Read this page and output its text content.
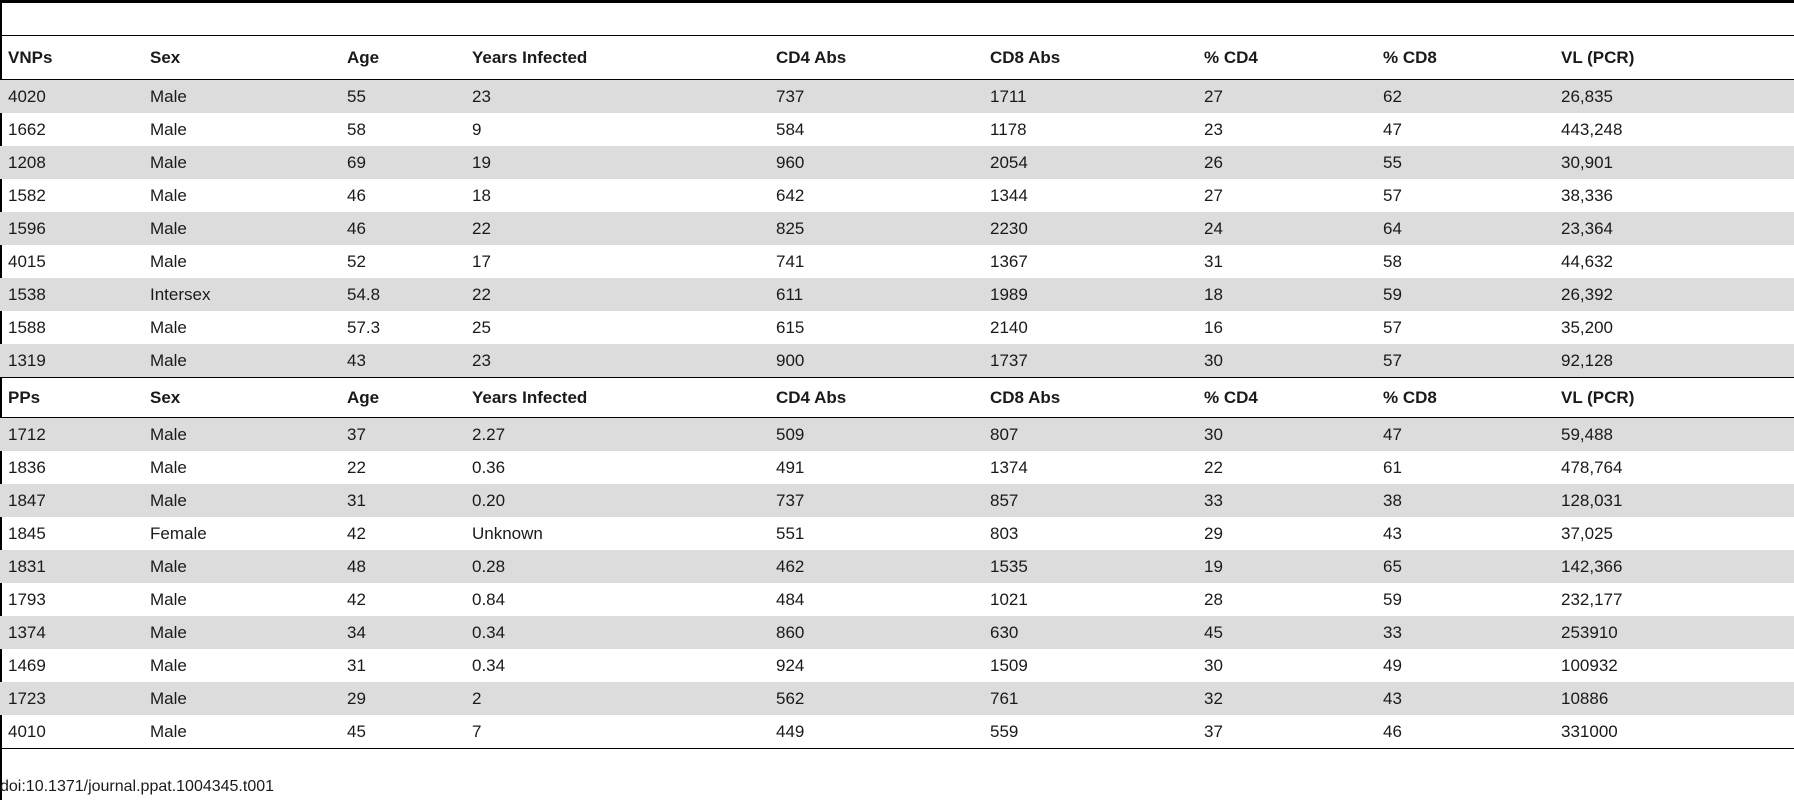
VNPs	Sex	Age	Years Infected	CD4 Abs	CD8 Abs	% CD4	% CD8	VL (PCR)
4020	Male	55	23	737	1711	27	62	26,835
1662	Male	58	9	584	1178	23	47	443,248
1208	Male	69	19	960	2054	26	55	30,901
1582	Male	46	18	642	1344	27	57	38,336
1596	Male	46	22	825	2230	24	64	23,364
4015	Male	52	17	741	1367	31	58	44,632
1538	Intersex	54.8	22	611	1989	18	59	26,392
1588	Male	57.3	25	615	2140	16	57	35,200
1319	Male	43	23	900	1737	30	57	92,128
PPs	Sex	Age	Years Infected	CD4 Abs	CD8 Abs	% CD4	% CD8	VL (PCR)
1712	Male	37	2.27	509	807	30	47	59,488
1836	Male	22	0.36	491	1374	22	61	478,764
1847	Male	31	0.20	737	857	33	38	128,031
1845	Female	42	Unknown	551	803	29	43	37,025
1831	Male	48	0.28	462	1535	19	65	142,366
1793	Male	42	0.84	484	1021	28	59	232,177
1374	Male	34	0.34	860	630	45	33	253910
1469	Male	31	0.34	924	1509	30	49	100932
1723	Male	29	2	562	761	32	43	10886
4010	Male	45	7	449	559	37	46	331000
doi:10.1371/journal.ppat.1004345.t001
